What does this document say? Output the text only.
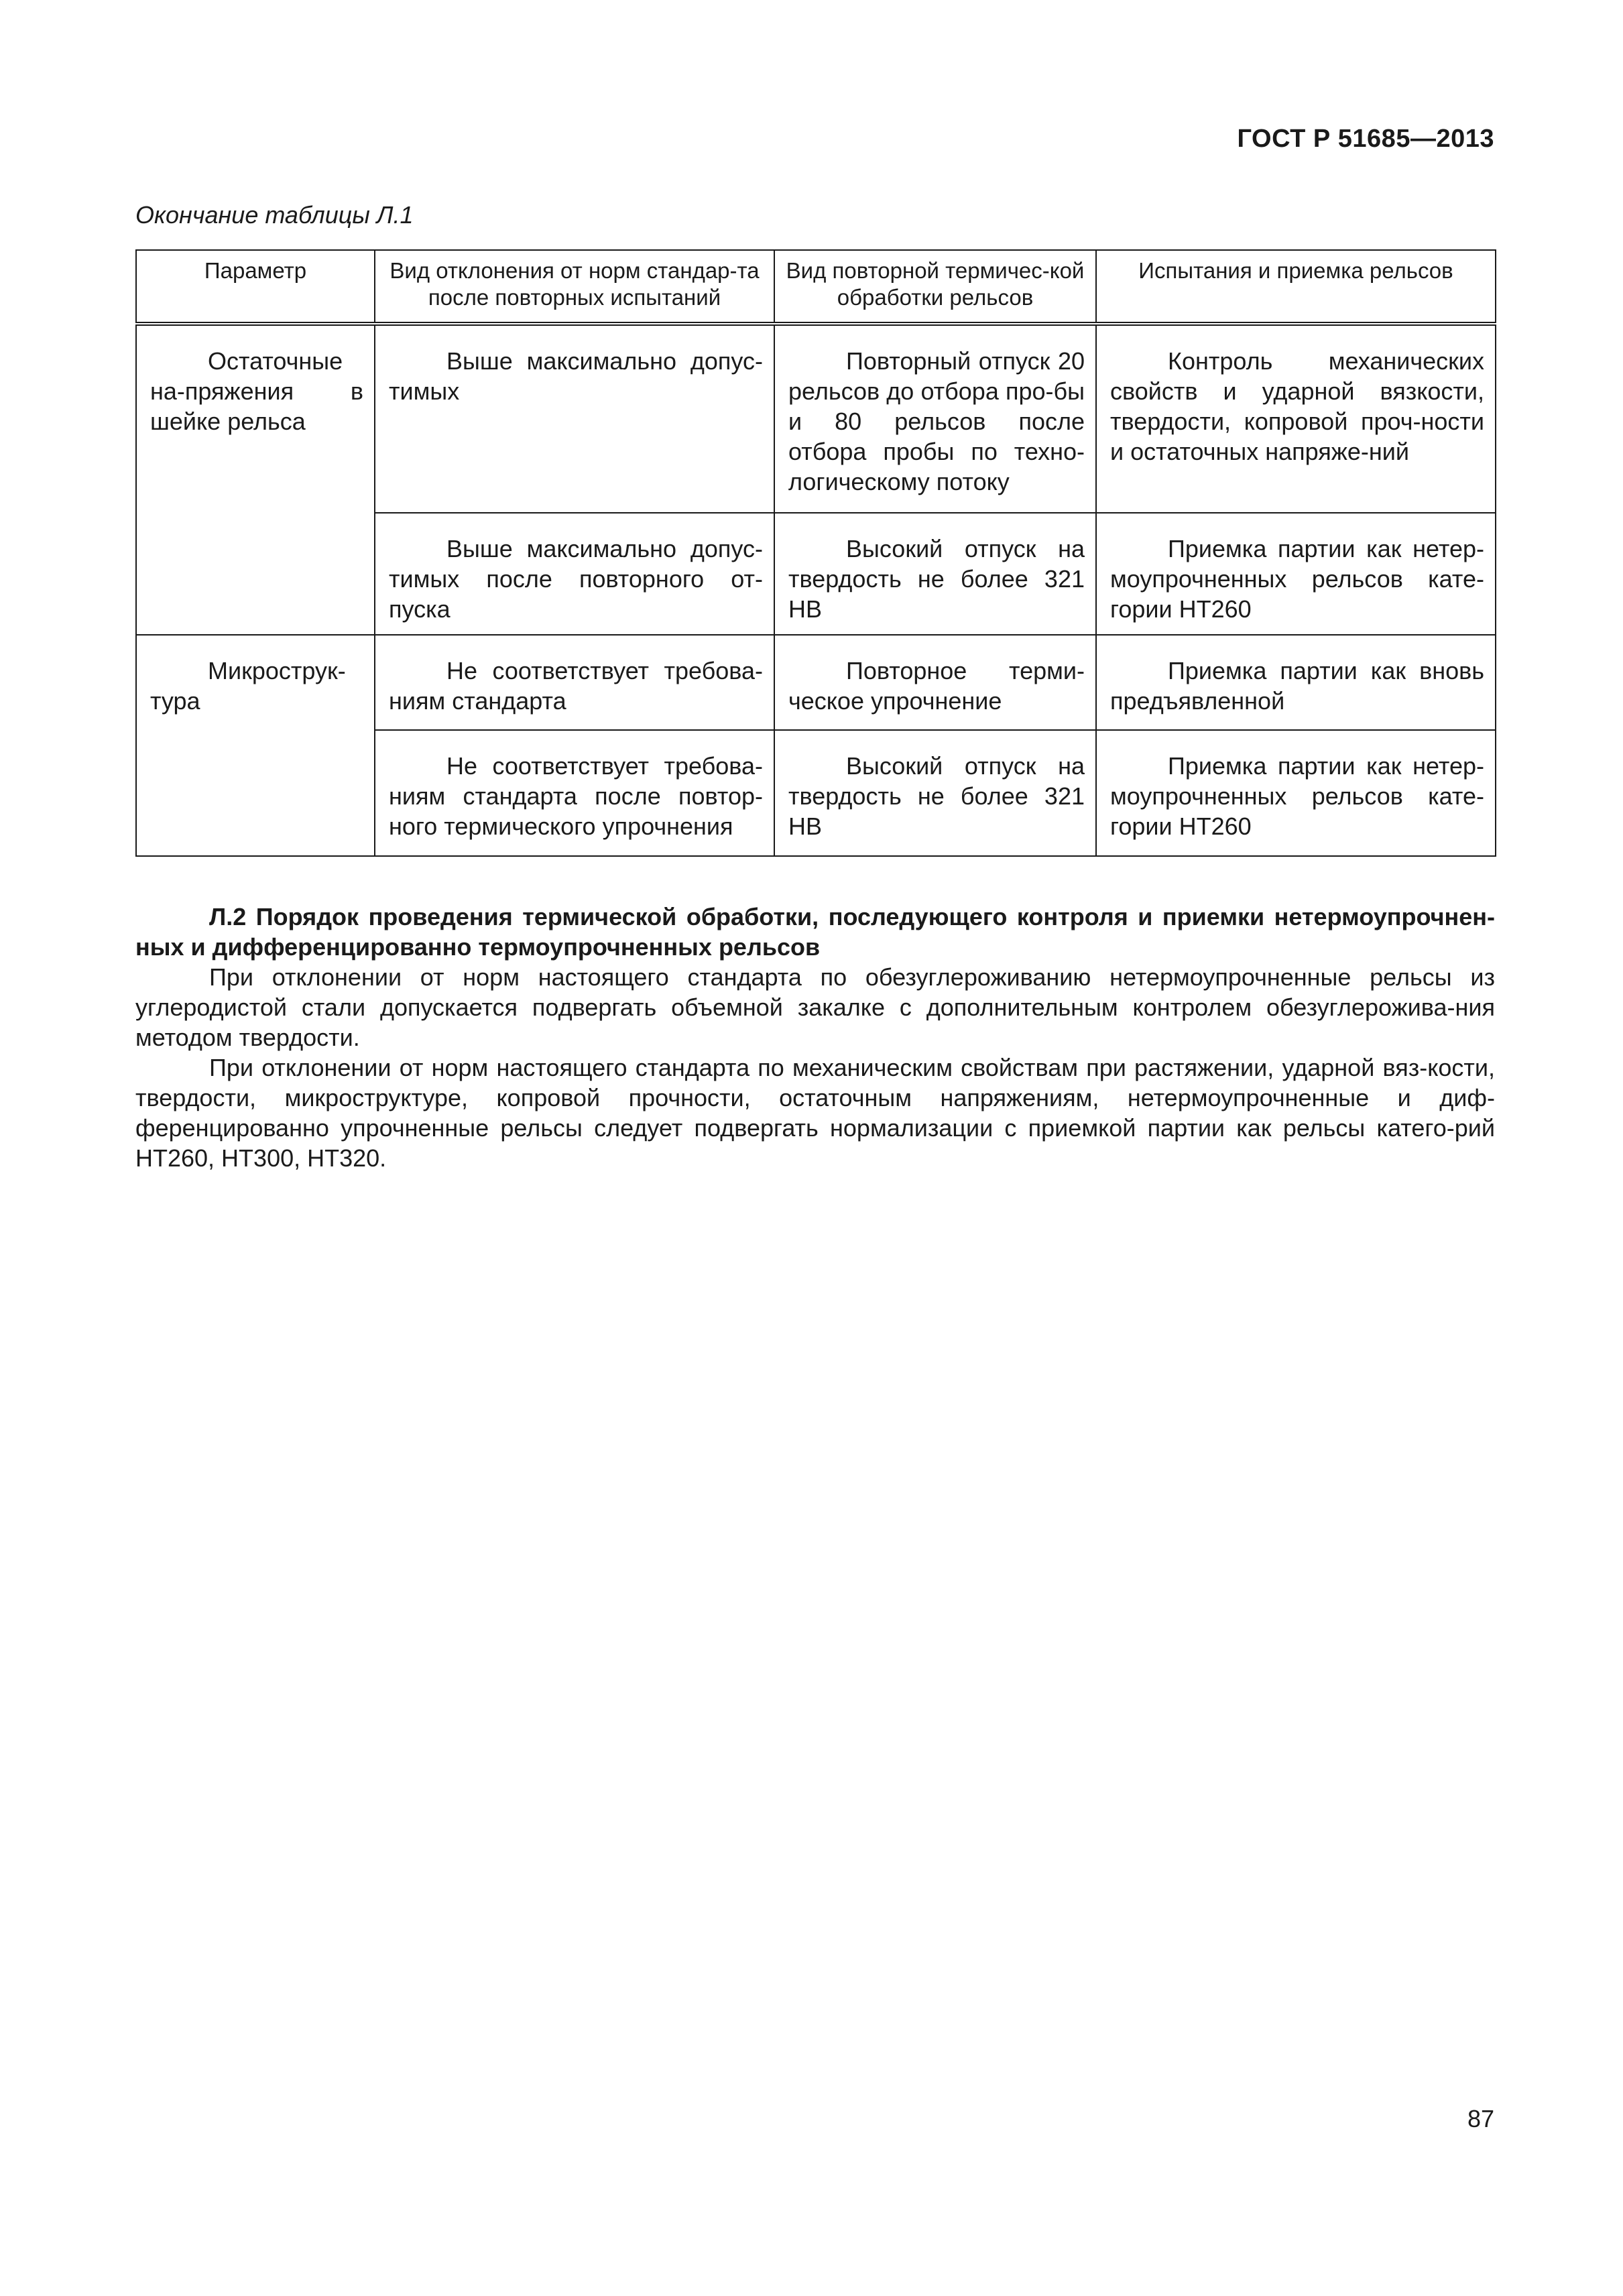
ГОСТ Р 51685—2013
Окончание таблицы Л.1
Параметр	Вид отклонения от норм стандар-та после повторных испытаний	Вид повторной термичес-кой обработки рельсов	Испытания и приемка рельсов
Остаточные на-пряжения в шейке рельса	Выше максимально допус-тимых	Повторный отпуск 20 рельсов до отбора про-бы и 80 рельсов после отбора пробы по техно-логическому потоку	Контроль механических свойств и ударной вязкости, твердости, копровой проч-ности и остаточных напряже-ний
	Выше максимально допус-тимых после повторного от-пуска	Высокий отпуск на твердость не более 321 НВ	Приемка партии как нетер-моупрочненных рельсов кате-гории НТ260
Микрострук-тура	Не соответствует требова-ниям стандарта	Повторное терми-ческое упрочнение	Приемка партии как вновь предъявленной
	Не соответствует требова-ниям стандарта после повтор-ного термического упрочнения	Высокий отпуск на твердость не более 321 НВ	Приемка партии как нетер-моупрочненных рельсов кате-гории НТ260
Л.2 Порядок проведения термической обработки, последующего контроля и приемки нетермоупрочнен-ных и дифференцированно термоупрочненных рельсов

При отклонении от норм настоящего стандарта по обезуглероживанию нетермоупрочненные рельсы из углеродистой стали допускается подвергать объемной закалке с дополнительным контролем обезуглерожива-ния методом твердости.

При отклонении от норм настоящего стандарта по механическим свойствам при растяжении, ударной вяз-кости, твердости, микроструктуре, копровой прочности, остаточным напряжениям, нетермоупрочненные и диф-ференцированно упрочненные рельсы следует подвергать нормализации с приемкой партии как рельсы катего-рий НТ260, НТ300, НТ320.

87
